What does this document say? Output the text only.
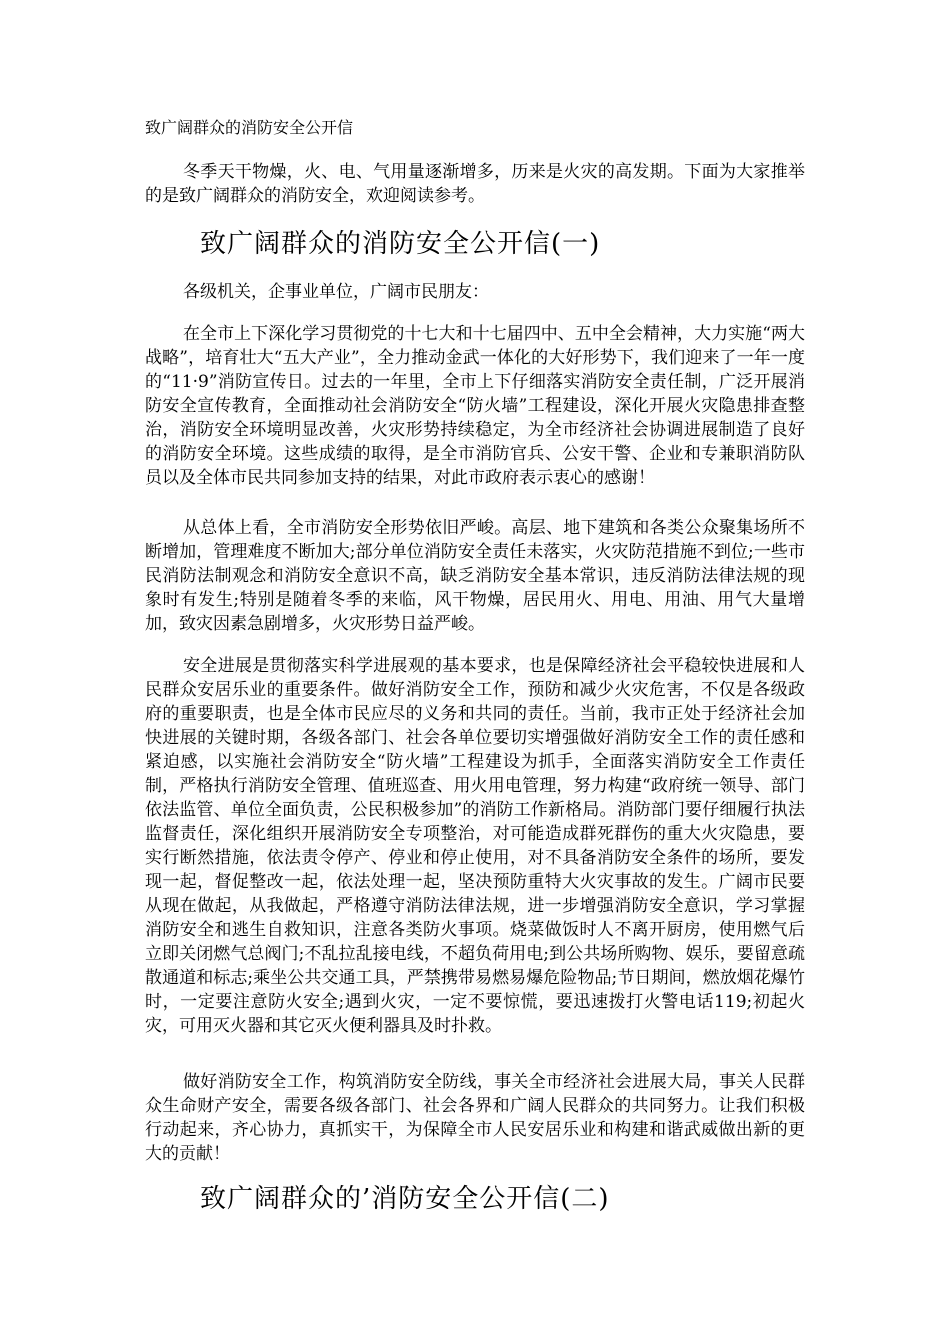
致广阔群众的消防安全公开信

冬季天干物燥，火、电、气用量逐渐增多，历来是火灾的高发期。下面为大家推举的是致广阔群众的消防安全，欢迎阅读参考。

致广阔群众的消防安全公开信(一)

各级机关，企事业单位，广阔市民朋友：

在全市上下深化学习贯彻党的十七大和十七届四中、五中全会精神，大力实施“两大战略”，培育壮大“五大产业”，全力推动金武一体化的大好形势下，我们迎来了一年一度的“11·9”消防宣传日。过去的一年里，全市上下仔细落实消防安全责任制，广泛开展消防安全宣传教育，全面推动社会消防安全“防火墙”工程建设，深化开展火灾隐患排查整治，消防安全环境明显改善，火灾形势持续稳定，为全市经济社会协调进展制造了良好的消防安全环境。这些成绩的取得，是全市消防官兵、公安干警、企业和专兼职消防队员以及全体市民共同参加支持的结果，对此市政府表示衷心的感谢！

从总体上看，全市消防安全形势依旧严峻。高层、地下建筑和各类公众聚集场所不断增加，管理难度不断加大;部分单位消防安全责任未落实，火灾防范措施不到位;一些市民消防法制观念和消防安全意识不高，缺乏消防安全基本常识，违反消防法律法规的现象时有发生;特别是随着冬季的来临，风干物燥，居民用火、用电、用油、用气大量增加，致灾因素急剧增多，火灾形势日益严峻。

安全进展是贯彻落实科学进展观的基本要求，也是保障经济社会平稳较快进展和人民群众安居乐业的重要条件。做好消防安全工作，预防和减少火灾危害，不仅是各级政府的重要职责，也是全体市民应尽的义务和共同的责任。当前，我市正处于经济社会加快进展的关键时期，各级各部门、社会各单位要切实增强做好消防安全工作的责任感和紧迫感，以实施社会消防安全“防火墙”工程建设为抓手，全面落实消防安全工作责任制，严格执行消防安全管理、值班巡查、用火用电管理，努力构建“政府统一领导、部门依法监管、单位全面负责，公民积极参加”的消防工作新格局。消防部门要仔细履行执法监督责任，深化组织开展消防安全专项整治，对可能造成群死群伤的重大火灾隐患，要实行断然措施，依法责令停产、停业和停止使用，对不具备消防安全条件的场所，要发现一起，督促整改一起，依法处理一起，坚决预防重特大火灾事故的发生。广阔市民要从现在做起，从我做起，严格遵守消防法律法规，进一步增强消防安全意识，学习掌握消防安全和逃生自救知识，注意各类防火事项。烧菜做饭时人不离开厨房，使用燃气后立即关闭燃气总阀门;不乱拉乱接电线，不超负荷用电;到公共场所购物、娱乐，要留意疏散通道和标志;乘坐公共交通工具，严禁携带易燃易爆危险物品;节日期间，燃放烟花爆竹时，一定要注意防火安全;遇到火灾，一定不要惊慌，要迅速拨打火警电话119;初起火灾，可用灭火器和其它灭火便利器具及时扑救。

做好消防安全工作，构筑消防安全防线，事关全市经济社会进展大局，事关人民群众生命财产安全，需要各级各部门、社会各界和广阔人民群众的共同努力。让我们积极行动起来，齐心协力，真抓实干，为保障全市人民安居乐业和构建和谐武威做出新的更大的贡献！

致广阔群众的’消防安全公开信(二)
